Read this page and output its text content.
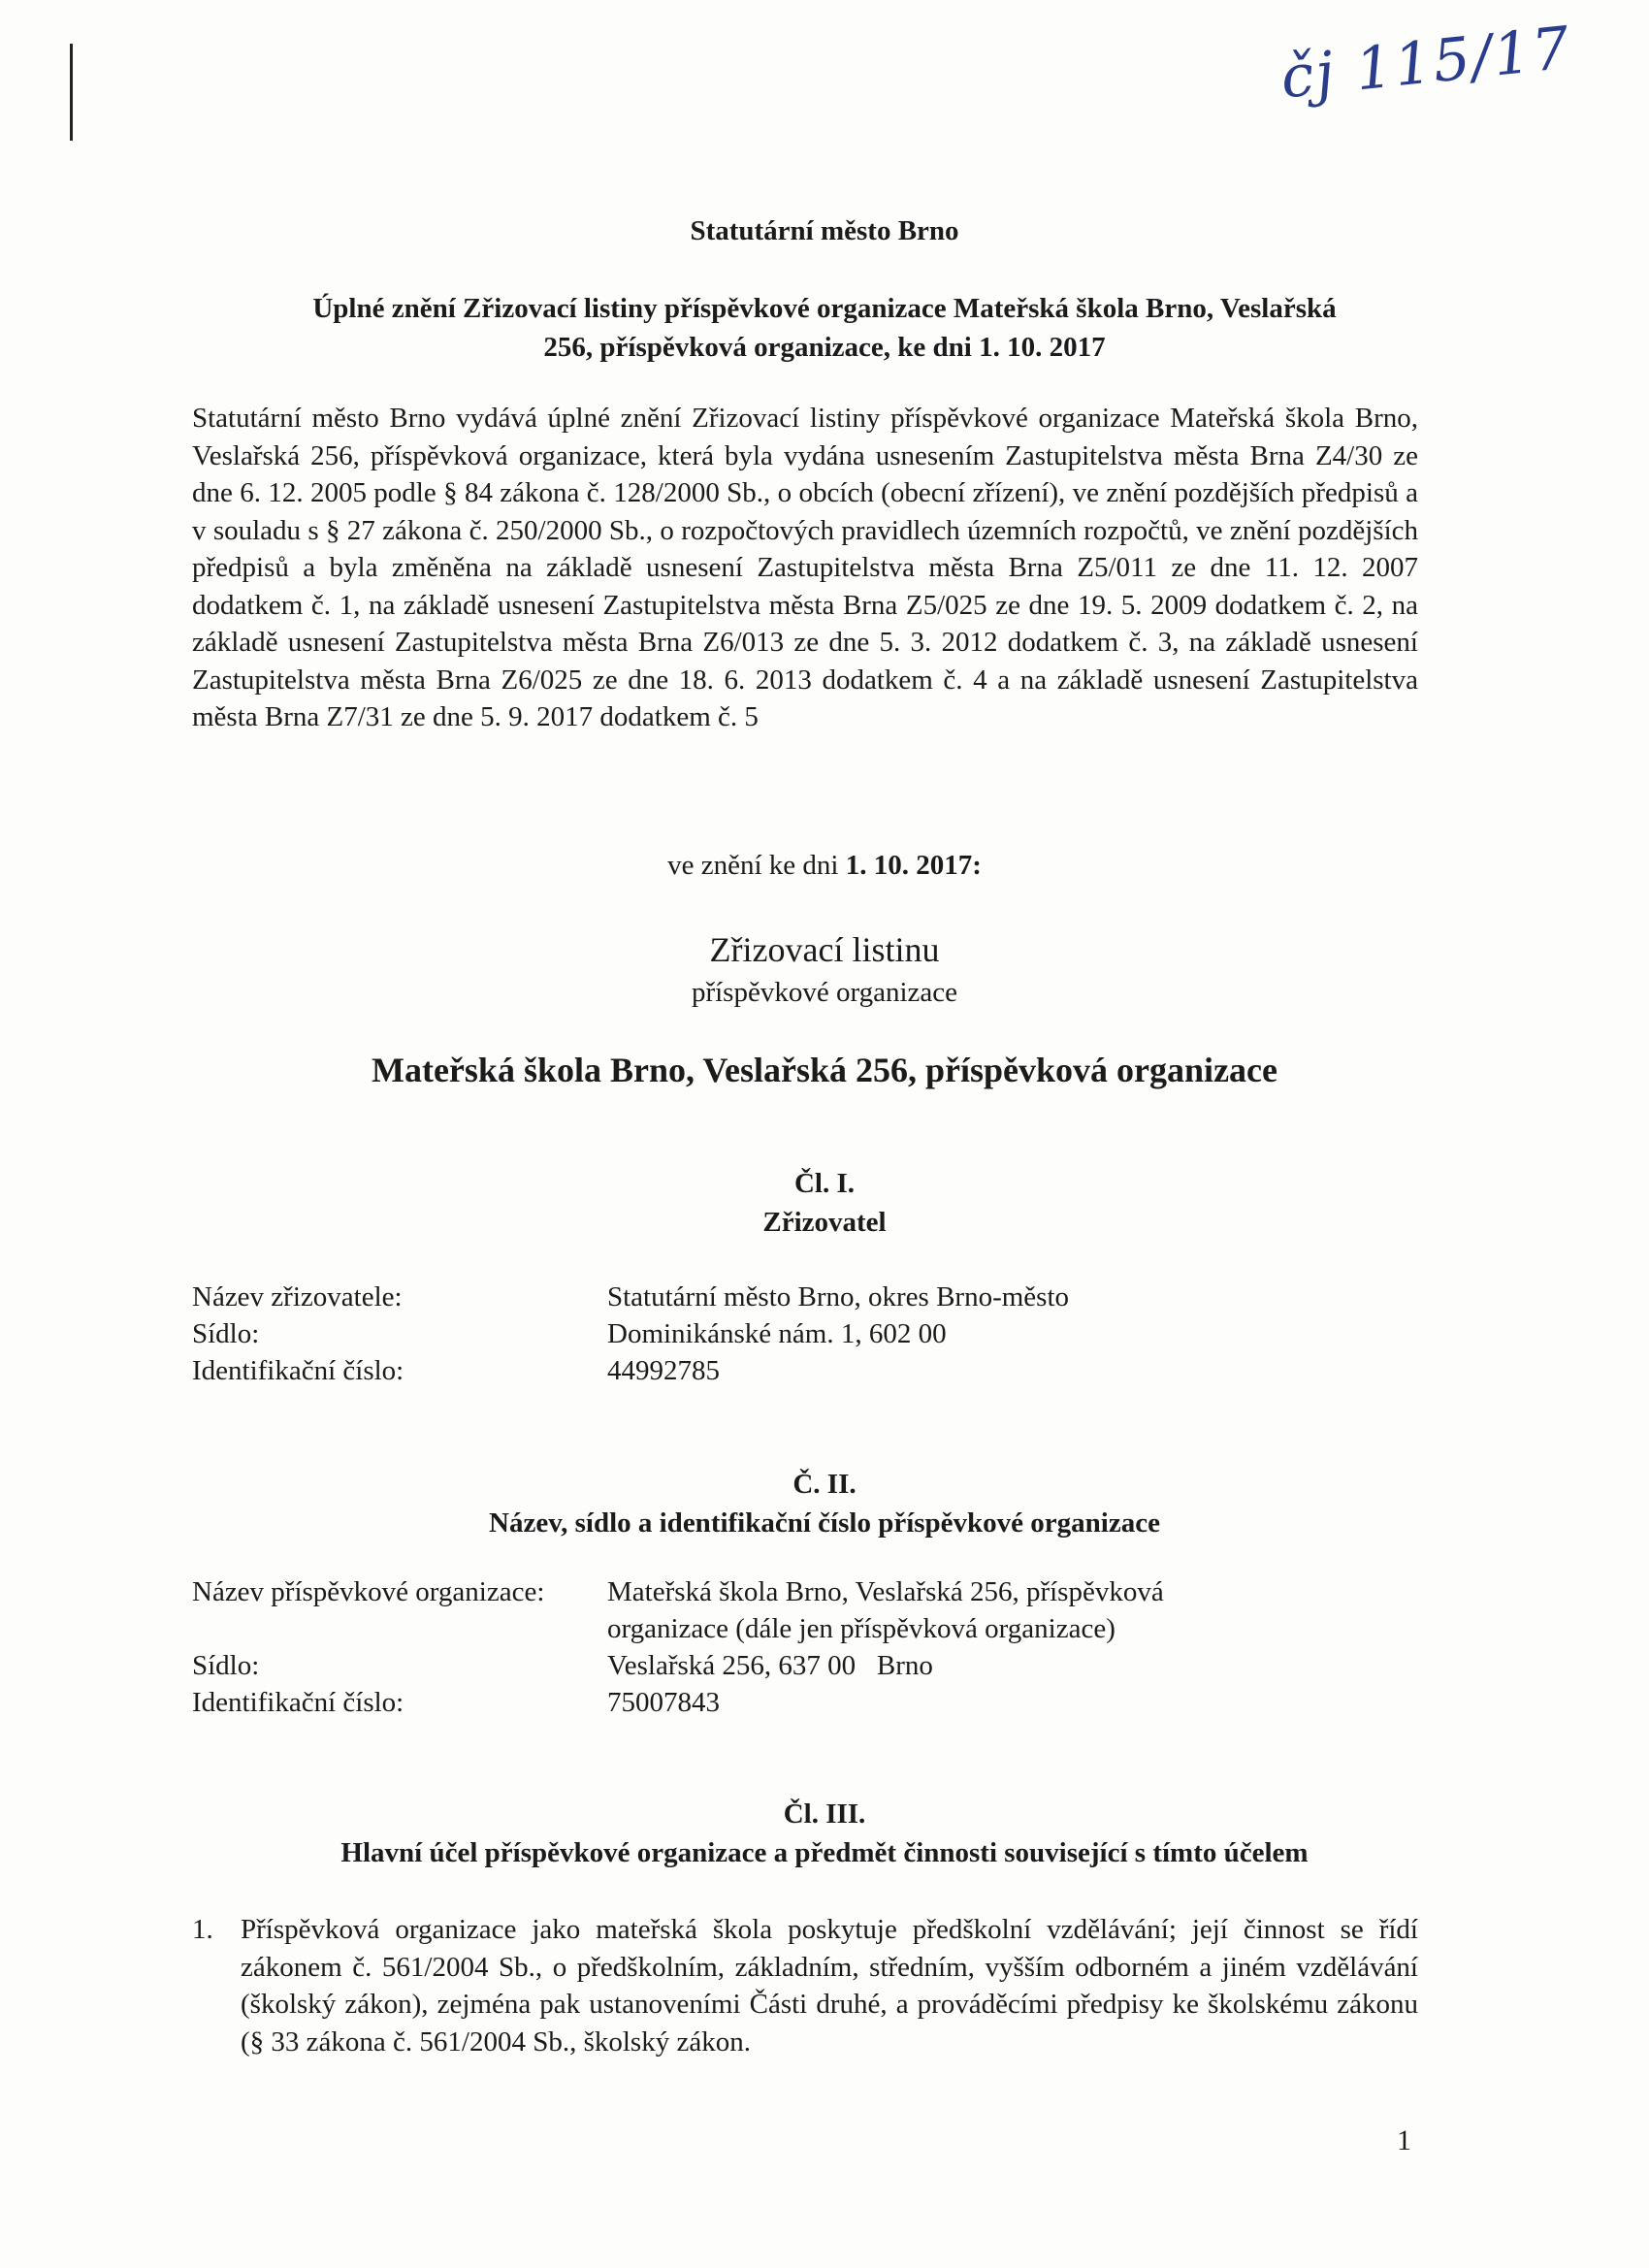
čj 115/17
Statutární město Brno
Úplné znění Zřizovací listiny příspěvkové organizace Mateřská škola Brno, Veslařská
256, příspěvková organizace, ke dni 1. 10. 2017
Statutární město Brno vydává úplné znění Zřizovací listiny příspěvkové organizace Mateřská škola Brno, Veslařská 256, příspěvková organizace, která byla vydána usnesením Zastupitelstva města Brna Z4/30 ze dne 6. 12. 2005 podle § 84 zákona č. 128/2000 Sb., o obcích (obecní zřízení), ve znění pozdějších předpisů a v souladu s § 27 zákona č. 250/2000 Sb., o rozpočtových pravidlech územních rozpočtů, ve znění pozdějších předpisů a byla změněna na základě usnesení Zastupitelstva města Brna Z5/011 ze dne 11. 12. 2007 dodatkem č. 1, na základě usnesení Zastupitelstva města Brna Z5/025 ze dne 19. 5. 2009 dodatkem č. 2, na základě usnesení Zastupitelstva města Brna Z6/013 ze dne 5. 3. 2012 dodatkem č. 3, na základě usnesení Zastupitelstva města Brna Z6/025 ze dne 18. 6. 2013 dodatkem č. 4 a na základě usnesení Zastupitelstva města Brna Z7/31 ze dne 5. 9. 2017 dodatkem č. 5
ve znění ke dni 1. 10. 2017:
Zřizovací listinu
příspěvkové organizace
Mateřská škola Brno, Veslařská 256, příspěvková organizace
Čl. I.
Zřizovatel
Název zřizovatele:	Statutární město Brno, okres Brno-město
Sídlo:	Dominikánské nám. 1, 602 00
Identifikační číslo:	44992785
Č. II.
Název, sídlo a identifikační číslo příspěvkové organizace
Název příspěvkové organizace: Mateřská škola Brno, Veslařská 256, příspěvková
organizace (dále jen příspěvková organizace)
Sídlo:	Veslařská 256, 637 00   Brno
Identifikační číslo:	75007843
Čl. III.
Hlavní účel příspěvkové organizace a předmět činnosti související s tímto účelem
1. Příspěvková organizace jako mateřská škola poskytuje předškolní vzdělávání; její činnost se řídí zákonem č. 561/2004 Sb., o předškolním, základním, středním, vyšším odborném a jiném vzdělávání (školský zákon), zejména pak ustanoveními Části druhé, a prováděcími předpisy ke školskému zákonu (§ 33 zákona č. 561/2004 Sb., školský zákon.
1
